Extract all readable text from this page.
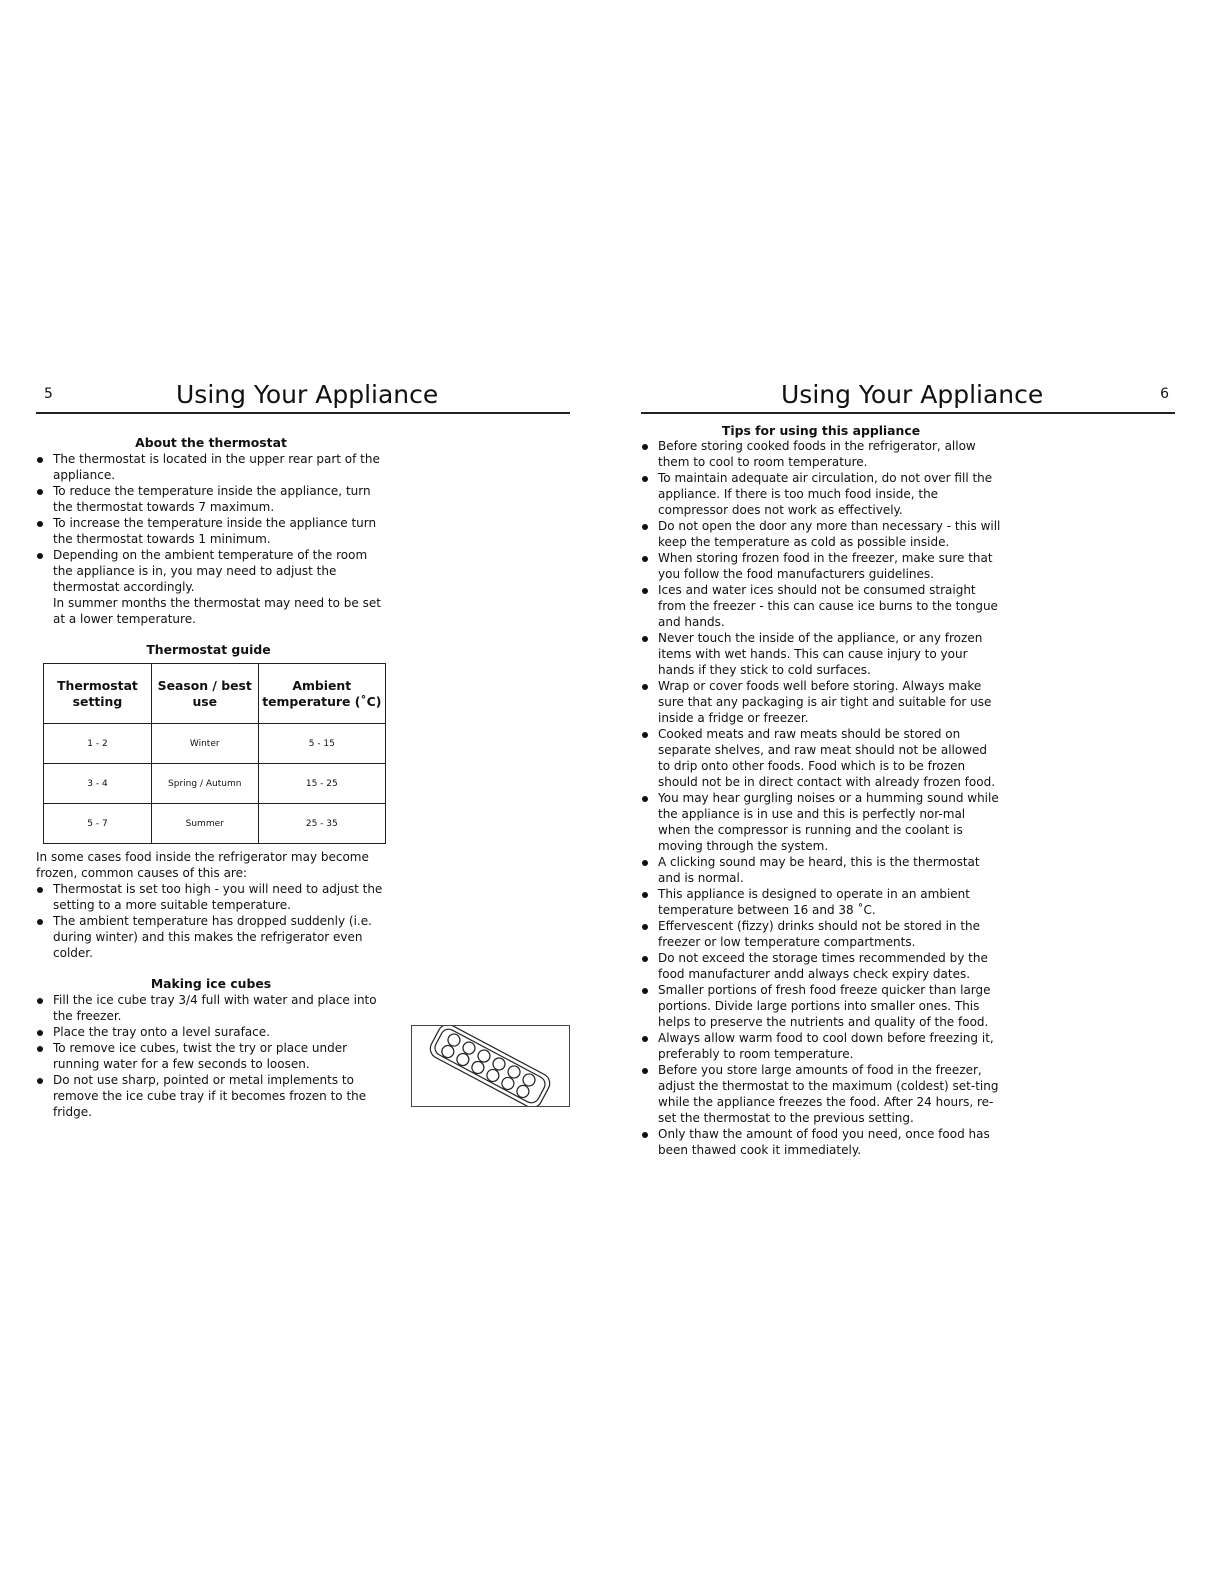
5	Using Your Appliance
About the thermostat
The thermostat is located in the upper rear part of the appliance.
To reduce the temperature inside the appliance, turn the thermostat towards 7 maximum.
To increase the temperature inside the appliance turn the thermostat towards 1 minimum.
Depending on the ambient temperature of the room the appliance is in, you may need to adjust the thermostat accordingly.
In summer months the thermostat may need to be set at a lower temperature.
Thermostat guide
Thermostat setting	Season / best use	Ambient temperature (˚C)
1 - 2	Winter	5 - 15
3 - 4	Spring / Autumn	15 - 25
5 - 7	Summer	25 - 35
In some cases food inside the refrigerator may become frozen, common causes of this are:
Thermostat is set too high - you will need to adjust the setting to a more suitable temperature.
The ambient temperature has dropped suddenly (i.e. during winter) and this makes the refrigerator even colder.
Making ice cubes
Fill the ice cube tray 3/4 full with water and place into the freezer.
Place the tray onto a level suraface.
To remove ice cubes, twist the try or place under running water for a few seconds to loosen.
Do not use sharp, pointed or metal implements to remove the ice cube tray if it becomes frozen to the fridge.
Using Your Appliance	6
Tips for using this appliance
Before storing cooked foods in the refrigerator, allow them to cool to room temperature.
To maintain adequate air circulation, do not over fill the appliance. If there is too much food inside, the compressor does not work as effectively.
Do not open the door any more than necessary - this will keep the temperature as cold as possible inside.
When storing frozen food in the freezer, make sure that you follow the food manufacturers guidelines.
Ices and water ices should not be consumed straight from the freezer - this can cause ice burns to the tongue and hands.
Never touch the inside of the appliance, or any frozen items with wet hands. This can cause injury to your hands if they stick to cold surfaces.
Wrap or cover foods well before storing. Always make sure that any packaging is air tight and suitable for use inside a fridge or freezer.
Cooked meats and raw meats should be stored on separate shelves, and raw meat should not be allowed to drip onto other foods. Food which is to be frozen should not be in direct contact with already frozen food.
You may hear gurgling noises or a humming sound while the appliance is in use and this is perfectly nor-mal when the compressor is running and the coolant is moving through the system.
A clicking sound may be heard, this is the thermostat and is normal.
This appliance is designed to operate in an ambient temperature between 16 and 38 ˚C.
Effervescent (fizzy) drinks should not be stored in the freezer or low temperature compartments.
Do not exceed the storage times recommended by the food manufacturer andd always check expiry dates.
Smaller portions of fresh food freeze quicker than large portions. Divide large portions into smaller ones. This helps to preserve the nutrients and quality of the food.
Always allow warm food to cool down before freezing it, preferably to room temperature.
Before you store large amounts of food in the freezer, adjust the thermostat to the maximum (coldest) set-ting while the appliance freezes the food. After 24 hours, re-set the thermostat to the previous setting.
Only thaw the amount of food you need, once food has been thawed cook it immediately.
